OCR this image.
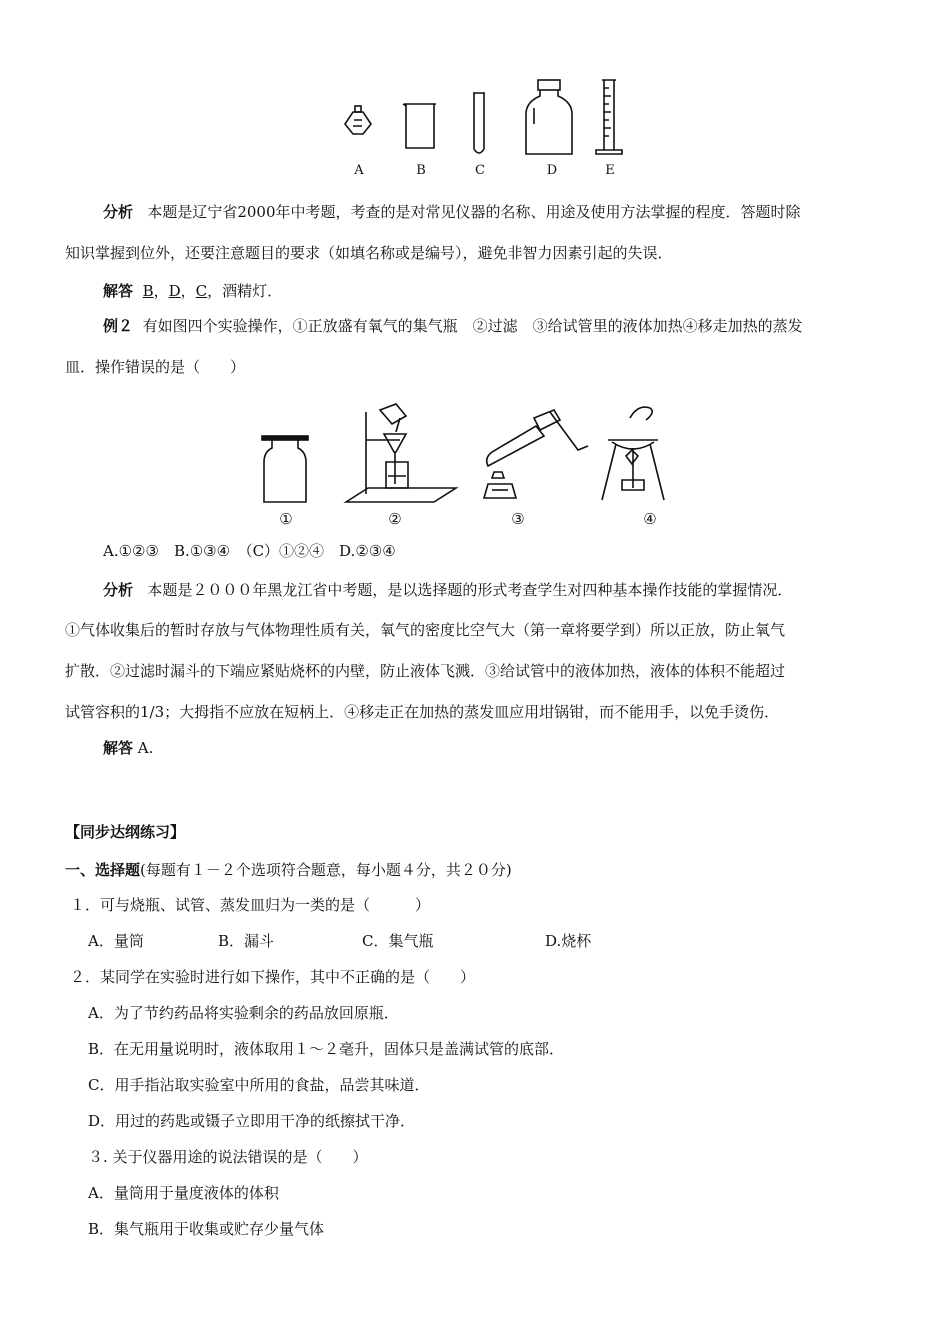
A	B	C	D	E
分析 本题是辽宁省2000年中考题，考查的是对常见仪器的名称、用途及使用方法掌握的程度．答题时除
知识掌握到位外，还要注意题目的要求（如填名称或是编号），避免非智力因素引起的失误．
解答 B，D，C，酒精灯．
例２ 有如图四个实验操作，①正放盛有氧气的集气瓶　②过滤　③给试管里的液体加热④移走加热的蒸发
皿．操作错误的是（　　）
①	②	③	④
A.①②③　B.①③④　（C）①②④　D.②③④
分析 本题是２０００年黑龙江省中考题，是以选择题的形式考查学生对四种基本操作技能的掌握情况．
①气体收集后的暂时存放与气体物理性质有关，氧气的密度比空气大（第一章将要学到）所以正放，防止氧气
扩散．②过滤时漏斗的下端应紧贴烧杯的内壁，防止液体飞溅．③给试管中的液体加热，液体的体积不能超过
试管容积的1/3；大拇指不应放在短柄上．④移走正在加热的蒸发皿应用坩锅钳，而不能用手，以免手烫伤．
解答 A.
【同步达纲练习】
一、选择题(每题有１－２个选项符合题意，每小题４分，共２０分)
１．可与烧瓶、试管、蒸发皿归为一类的是（　　　）
A．量筒	B．漏斗	C．集气瓶	D.烧杯
２．某同学在实验时进行如下操作，其中不正确的是（　　）
A．为了节约药品将实验剩余的药品放回原瓶．
B．在无用量说明时，液体取用１～２毫升，固体只是盖满试管的底部．
C．用手指沾取实验室中所用的食盐，品尝其味道．
D．用过的药匙或镊子立即用干净的纸擦拭干净．
３. 关于仪器用途的说法错误的是（　　）
A．量筒用于量度液体的体积
B．集气瓶用于收集或贮存少量气体
